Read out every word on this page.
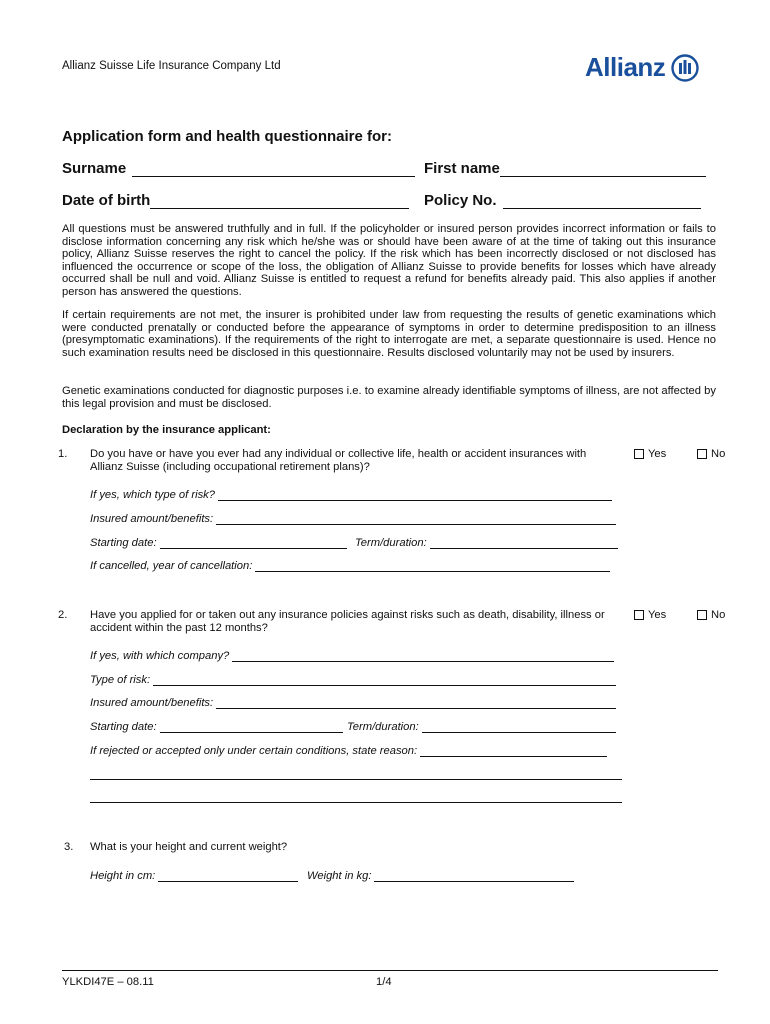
Allianz Suisse Life Insurance Company Ltd	Allianz
Application form and health questionnaire for:
Surname	First name
Date of birth	Policy No.
All questions must be answered truthfully and in full. If the policyholder or insured person provides incorrect information or fails to disclose information concerning any risk which he/she was or should have been aware of at the time of taking out this insurance policy, Allianz Suisse reserves the right to cancel the policy. If the risk which has been incorrectly disclosed or not disclosed has influenced the occurrence or scope of the loss, the obligation of Allianz Suisse to provide benefits for losses which have already occurred shall be null and void. Allianz Suisse is entitled to request a refund for benefits already paid. This also applies if another person has answered the questions.
If certain requirements are not met, the insurer is prohibited under law from requesting the results of genetic examinations which were conducted prenatally or conducted before the appearance of symptoms in order to determine predisposition to an illness (presymptomatic examinations). If the requirements of the right to interrogate are met, a separate questionnaire is used. Hence no such examination results need be disclosed in this questionnaire. Results disclosed voluntarily may not be used by insurers.
Genetic examinations conducted for diagnostic purposes i.e. to examine already identifiable symptoms of illness, are not affected by this legal provision and must be disclosed.
Declaration by the insurance applicant:
1. Do you have or have you ever had any individual or collective life, health or accident insurances with Allianz Suisse (including occupational retirement plans)?
Yes	No
If yes, which type of risk?
Insured amount/benefits:
Starting date:	Term/duration:
If cancelled, year of cancellation:
2. Have you applied for or taken out any insurance policies against risks such as death, disability, illness or accident within the past 12 months?
Yes	No
If yes, with which company?
Type of risk:
Insured amount/benefits:
Starting date:	Term/duration:
If rejected or accepted only under certain conditions, state reason:
3. What is your height and current weight?
Height in cm:	Weight in kg:
YLKDI47E – 08.11	1/4
